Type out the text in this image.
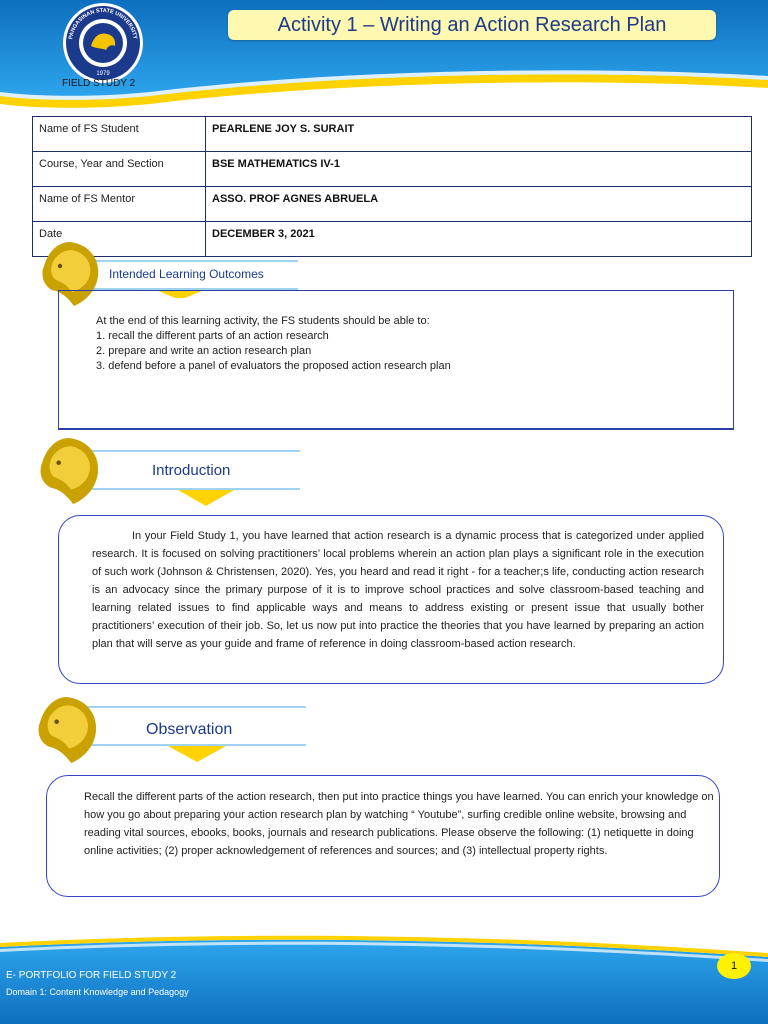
1979
PANGASINAN STATE UNIVERSITY
FIELD STUDY 2
Activity 1 – Writing an Action Research Plan
Name of FS Student	PEARLENE JOY S. SURAIT
Course, Year and Section	BSE MATHEMATICS IV-1
Name of FS Mentor	ASSO. PROF AGNES ABRUELA
Date	DECEMBER 3, 2021
Intended Learning Outcomes
At the end of this learning activity, the FS students should be able to:
1. recall the different parts of an action research
2. prepare and write an action research plan
3. defend before a panel of evaluators the proposed action research plan
Introduction
In your Field Study 1, you have learned that action research is a dynamic process that is categorized under applied research. It is focused on solving practitioners’ local problems wherein an action plan plays a significant role in the execution of such work (Johnson & Christensen, 2020). Yes, you heard and read it right - for a teacher;s life, conducting action research is an advocacy since the primary purpose of it is to improve school practices and solve classroom-based teaching and learning related issues to find applicable ways and means to address existing or present issue that usually bother practitioners’ execution of their job. So, let us now put into practice the theories that you have learned by preparing an action plan that will serve as your guide and frame of reference in doing classroom-based action research.
Observation
Recall the different parts of the action research, then put into practice things you have learned. You can enrich your knowledge on how you go about preparing your action research plan by watching “ Youtube”, surfing credible online website, browsing and reading vital sources, ebooks, books, journals and research publications. Please observe the following: (1) netiquette in doing online activities; (2) proper acknowledgement of references and sources; and (3) intellectual property rights.
E- PORTFOLIO FOR FIELD STUDY 2
Domain 1: Content Knowledge and Pedagogy
1
